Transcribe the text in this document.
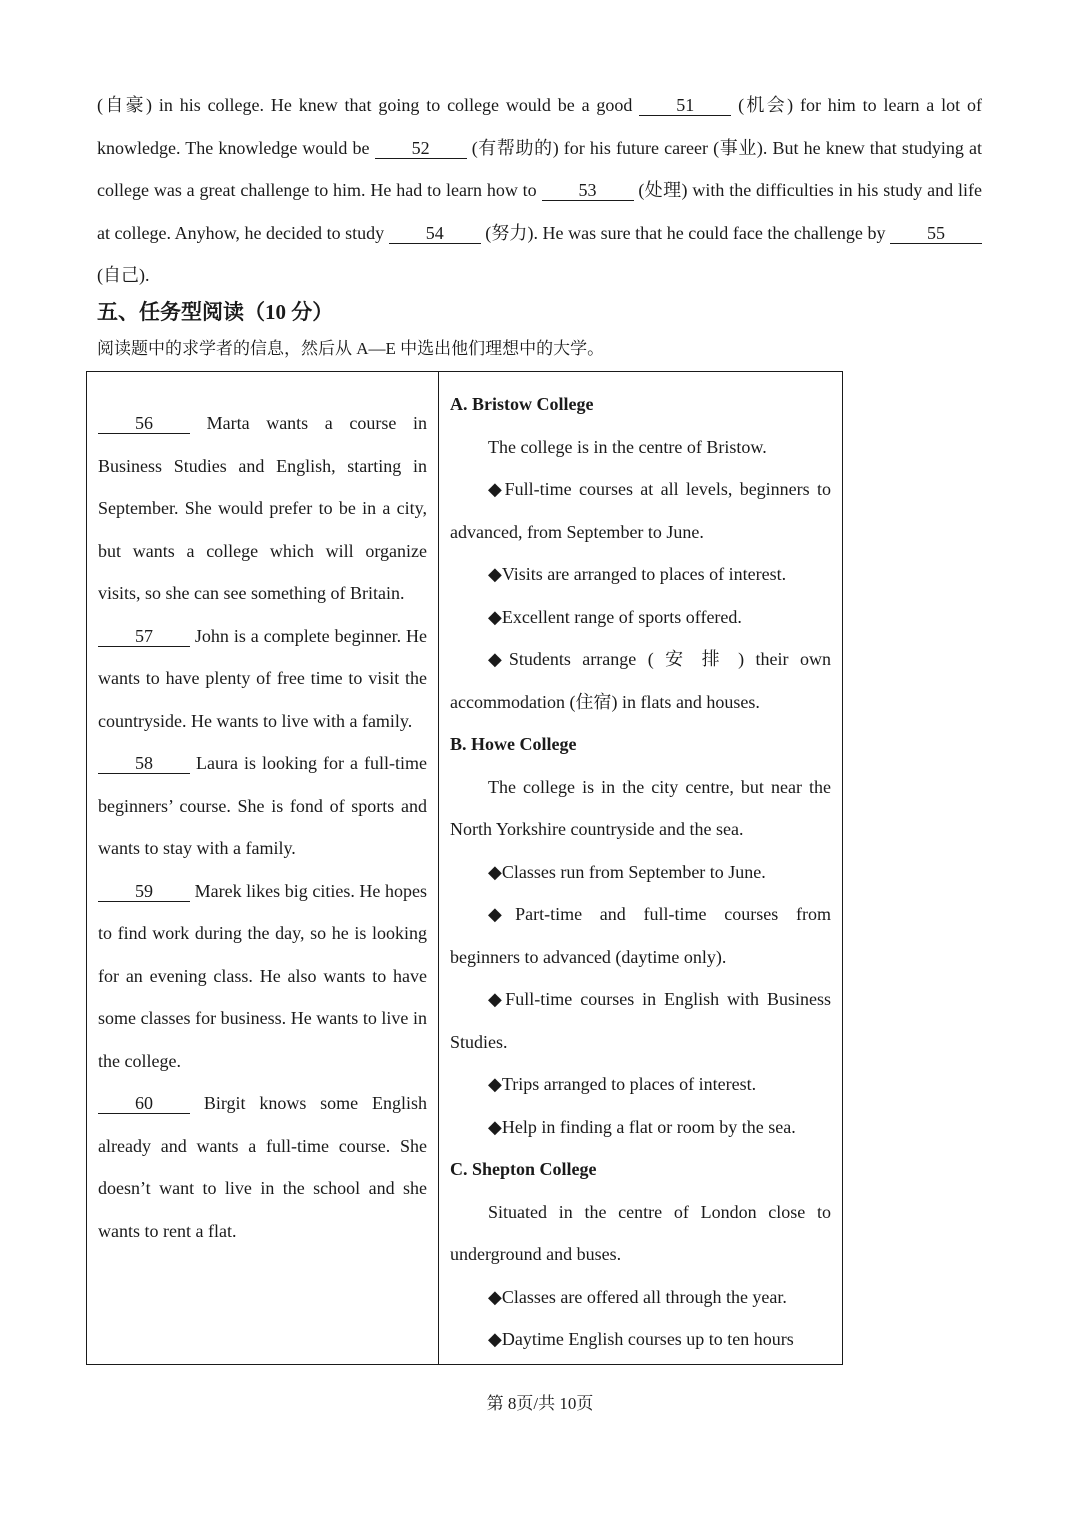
(自豪) in his college. He knew that going to college would be a good 51 (机会) for him to learn a lot of knowledge. The knowledge would be 52 (有帮助的) for his future career (事业). But he knew that studying at college was a great challenge to him. He had to learn how to 53 (处理) with the difficulties in his study and life at college. Anyhow, he decided to study 54 (努力). He was sure that he could face the challenge by 55 (自己).

五、任务型阅读（10 分）

阅读题中的求学者的信息，然后从 A—E 中选出他们理想中的大学。

56 Marta wants a course in Business Studies and English, starting in September. She would prefer to be in a city, but wants a college which will organize visits, so she can see something of Britain.

57 John is a complete beginner. He wants to have plenty of free time to visit the countryside. He wants to live with a family.

58 Laura is looking for a full-time beginners’ course. She is fond of sports and wants to stay with a family.

59 Marek likes big cities. He hopes to find work during the day, so he is looking for an evening class. He also wants to have some classes for business. He wants to live in the college.

60 Birgit knows some English already and wants a full-time course. She doesn’t want to live in the school and she wants to rent a flat.

A. Bristow College

The college is in the centre of Bristow.

◆Full-time courses at all levels, beginners to advanced, from September to June.

◆Visits are arranged to places of interest.

◆Excellent range of sports offered.

◆Students arrange ( 安 排 ) their own accommodation (住宿) in flats and houses.

B. Howe College

The college is in the city centre, but near the North Yorkshire countryside and the sea.

◆Classes run from September to June.

◆Part-time and full-time courses from beginners to advanced (daytime only).

◆Full-time courses in English with Business Studies.

◆Trips arranged to places of interest.

◆Help in finding a flat or room by the sea.

C. Shepton College

Situated in the centre of London close to underground and buses.

◆Classes are offered all through the year.

◆Daytime English courses up to ten hours

第 8页/共 10页
